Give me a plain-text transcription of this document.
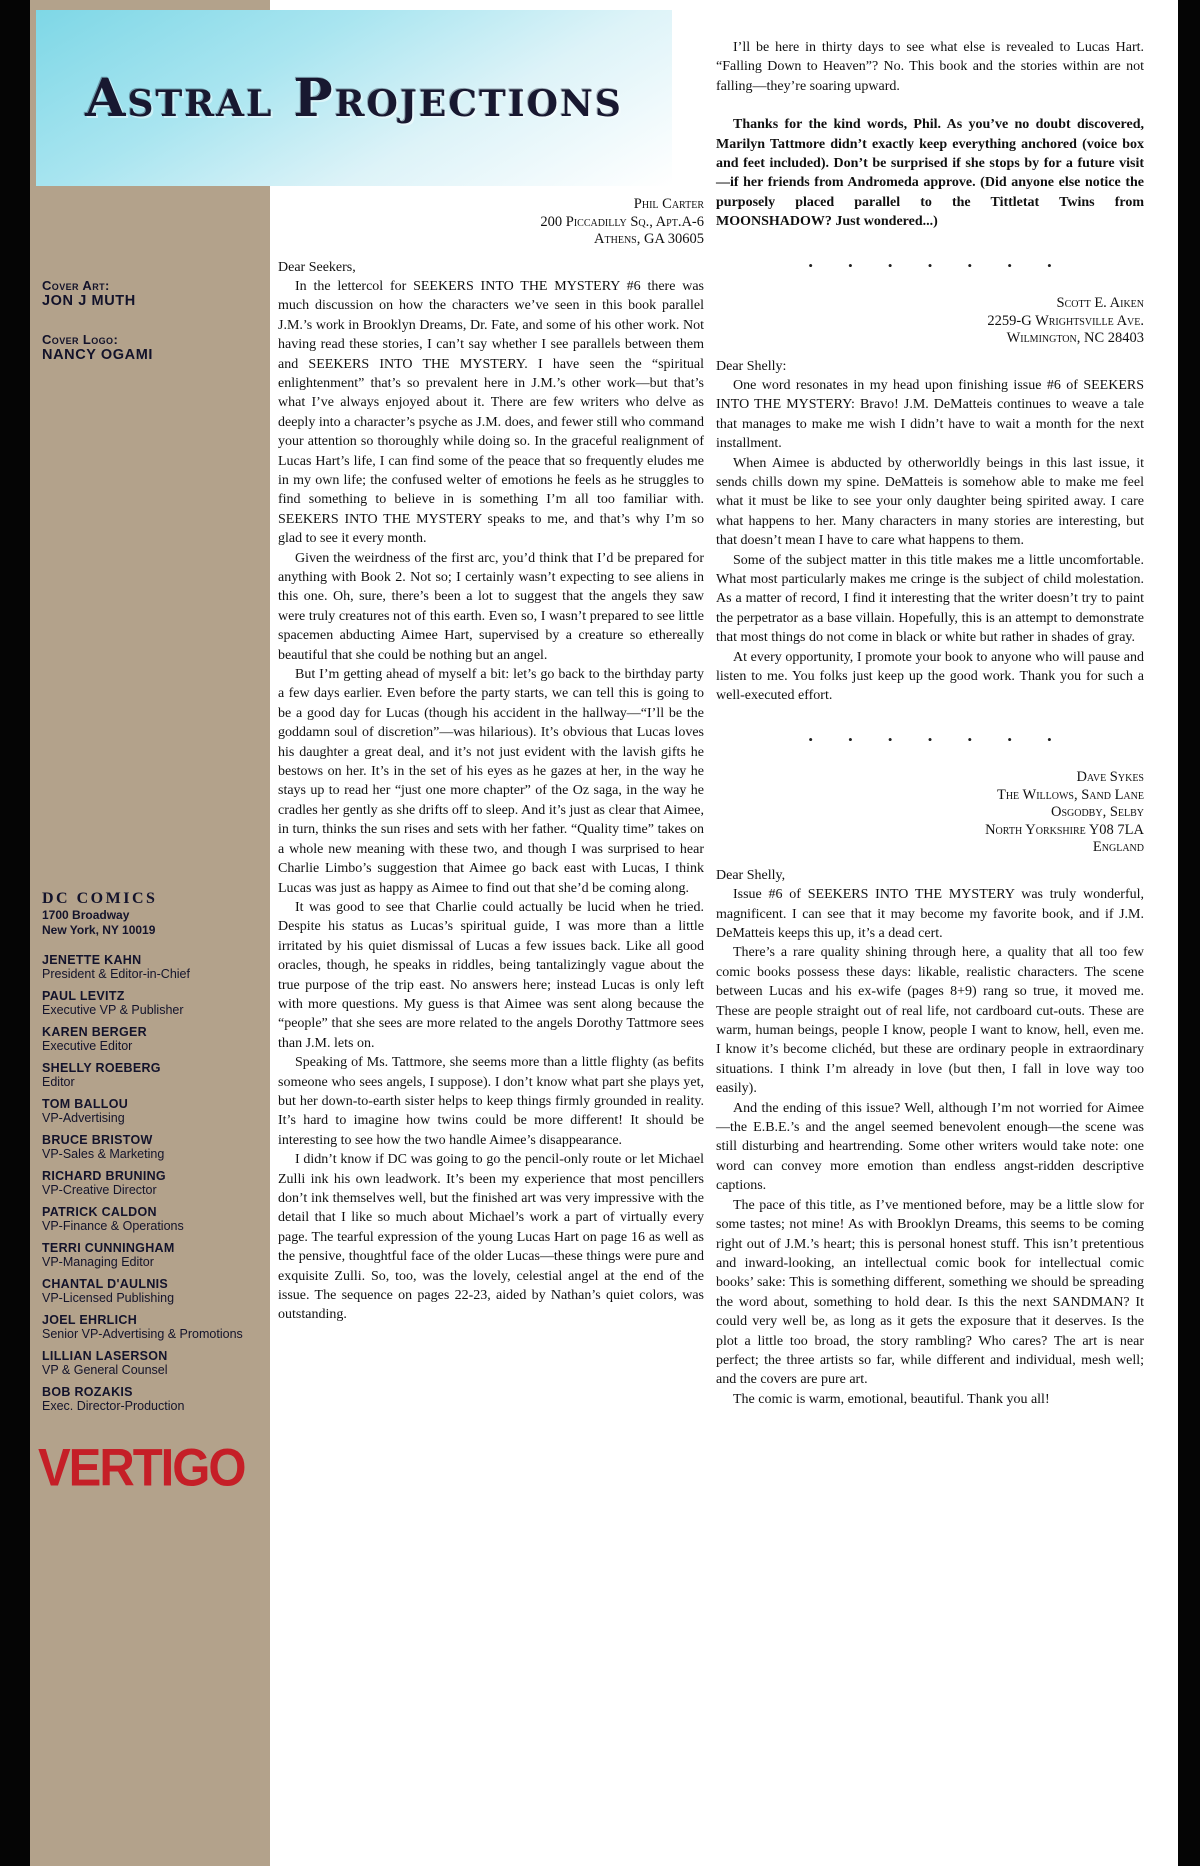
Astral Projections
Cover Art:
JON J MUTH
Cover Logo:
NANCY OGAMI
DC COMICS
1700 Broadway
New York, NY 10019
JENETTE KAHN
President & Editor-in-Chief
PAUL LEVITZ
Executive VP & Publisher
KAREN BERGER
Executive Editor
SHELLY ROEBERG
Editor
TOM BALLOU
VP-Advertising
BRUCE BRISTOW
VP-Sales & Marketing
RICHARD BRUNING
VP-Creative Director
PATRICK CALDON
VP-Finance & Operations
TERRI CUNNINGHAM
VP-Managing Editor
CHANTAL D'AULNIS
VP-Licensed Publishing
JOEL EHRLICH
Senior VP-Advertising & Promotions
LILLIAN LASERSON
VP & General Counsel
BOB ROZAKIS
Exec. Director-Production
VERTIGO
Phil Carter
200 Piccadilly Sq., Apt.A-6
Athens, GA 30605
Dear Seekers,

In the lettercol for SEEKERS INTO THE MYSTERY #6 there was much discussion on how the characters we’ve seen in this book parallel J.M.’s work in Brooklyn Dreams, Dr. Fate, and some of his other work. Not having read these stories, I can’t say whether I see parallels between them and SEEKERS INTO THE MYSTERY. I have seen the “spiritual enlightenment” that’s so prevalent here in J.M.’s other work—but that’s what I’ve always enjoyed about it. There are few writers who delve as deeply into a character’s psyche as J.M. does, and fewer still who command your attention so thoroughly while doing so. In the graceful realignment of Lucas Hart’s life, I can find some of the peace that so frequently eludes me in my own life; the confused welter of emotions he feels as he struggles to find something to believe in is something I’m all too familiar with. SEEKERS INTO THE MYSTERY speaks to me, and that’s why I’m so glad to see it every month.

Given the weirdness of the first arc, you’d think that I’d be prepared for anything with Book 2. Not so; I certainly wasn’t expecting to see aliens in this one. Oh, sure, there’s been a lot to suggest that the angels they saw were truly creatures not of this earth. Even so, I wasn’t prepared to see little spacemen abducting Aimee Hart, supervised by a creature so ethereally beautiful that she could be nothing but an angel.

But I’m getting ahead of myself a bit: let’s go back to the birthday party a few days earlier. Even before the party starts, we can tell this is going to be a good day for Lucas (though his accident in the hallway—“I’ll be the goddamn soul of discretion”—was hilarious). It’s obvious that Lucas loves his daughter a great deal, and it’s not just evident with the lavish gifts he bestows on her. It’s in the set of his eyes as he gazes at her, in the way he stays up to read her “just one more chapter” of the Oz saga, in the way he cradles her gently as she drifts off to sleep. And it’s just as clear that Aimee, in turn, thinks the sun rises and sets with her father. “Quality time” takes on a whole new meaning with these two, and though I was surprised to hear Charlie Limbo’s suggestion that Aimee go back east with Lucas, I think Lucas was just as happy as Aimee to find out that she’d be coming along.

It was good to see that Charlie could actually be lucid when he tried. Despite his status as Lucas’s spiritual guide, I was more than a little irritated by his quiet dismissal of Lucas a few issues back. Like all good oracles, though, he speaks in riddles, being tantalizingly vague about the true purpose of the trip east. No answers here; instead Lucas is only left with more questions. My guess is that Aimee was sent along because the “people” that she sees are more related to the angels Dorothy Tattmore sees than J.M. lets on.

Speaking of Ms. Tattmore, she seems more than a little flighty (as befits someone who sees angels, I suppose). I don’t know what part she plays yet, but her down-to-earth sister helps to keep things firmly grounded in reality. It’s hard to imagine how twins could be more different! It should be interesting to see how the two handle Aimee’s disappearance.

I didn’t know if DC was going to go the pencil-only route or let Michael Zulli ink his own leadwork. It’s been my experience that most pencillers don’t ink themselves well, but the finished art was very impressive with the detail that I like so much about Michael’s work a part of virtually every page. The tearful expression of the young Lucas Hart on page 16 as well as the pensive, thoughtful face of the older Lucas—these things were pure and exquisite Zulli. So, too, was the lovely, celestial angel at the end of the issue. The sequence on pages 22-23, aided by Nathan’s quiet colors, was outstanding.

I’ll be here in thirty days to see what else is revealed to Lucas Hart. “Falling Down to Heaven”? No. This book and the stories within are not falling—they’re soaring upward.

Thanks for the kind words, Phil. As you’ve no doubt discovered, Marilyn Tattmore didn’t exactly keep everything anchored (voice box and feet included). Don’t be surprised if she stops by for a future visit—if her friends from Andromeda approve. (Did anyone else notice the purposely placed parallel to the Tittletat Twins from MOONSHADOW? Just wondered...)

• • • • • • •
Scott E. Aiken
2259-G Wrightsville Ave.
Wilmington, NC 28403
Dear Shelly:

One word resonates in my head upon finishing issue #6 of SEEKERS INTO THE MYSTERY: Bravo! J.M. DeMatteis continues to weave a tale that manages to make me wish I didn’t have to wait a month for the next installment.

When Aimee is abducted by otherworldly beings in this last issue, it sends chills down my spine. DeMatteis is somehow able to make me feel what it must be like to see your only daughter being spirited away. I care what happens to her. Many characters in many stories are interesting, but that doesn’t mean I have to care what happens to them.

Some of the subject matter in this title makes me a little uncomfortable. What most particularly makes me cringe is the subject of child molestation. As a matter of record, I find it interesting that the writer doesn’t try to paint the perpetrator as a base villain. Hopefully, this is an attempt to demonstrate that most things do not come in black or white but rather in shades of gray.

At every opportunity, I promote your book to anyone who will pause and listen to me. You folks just keep up the good work. Thank you for such a well-executed effort.

• • • • • • •
Dave Sykes
The Willows, Sand Lane
Osgodby, Selby
North Yorkshire Y08 7LA
England
Dear Shelly,

Issue #6 of SEEKERS INTO THE MYSTERY was truly wonderful, magnificent. I can see that it may become my favorite book, and if J.M. DeMatteis keeps this up, it’s a dead cert.

There’s a rare quality shining through here, a quality that all too few comic books possess these days: likable, realistic characters. The scene between Lucas and his ex-wife (pages 8+9) rang so true, it moved me. These are people straight out of real life, not cardboard cut-outs. These are warm, human beings, people I know, people I want to know, hell, even me. I know it’s become clichéd, but these are ordinary people in extraordinary situations. I think I’m already in love (but then, I fall in love way too easily).

And the ending of this issue? Well, although I’m not worried for Aimee—the E.B.E.’s and the angel seemed benevolent enough—the scene was still disturbing and heartrending. Some other writers would take note: one word can convey more emotion than endless angst-ridden descriptive captions.

The pace of this title, as I’ve mentioned before, may be a little slow for some tastes; not mine! As with Brooklyn Dreams, this seems to be coming right out of J.M.’s heart; this is personal honest stuff. This isn’t pretentious and inward-looking, an intellectual comic book for intellectual comic books’ sake: This is something different, something we should be spreading the word about, something to hold dear. Is this the next SANDMAN? It could very well be, as long as it gets the exposure that it deserves. Is the plot a little too broad, the story rambling? Who cares? The art is near perfect; the three artists so far, while different and individual, mesh well; and the covers are pure art.

The comic is warm, emotional, beautiful. Thank you all!
